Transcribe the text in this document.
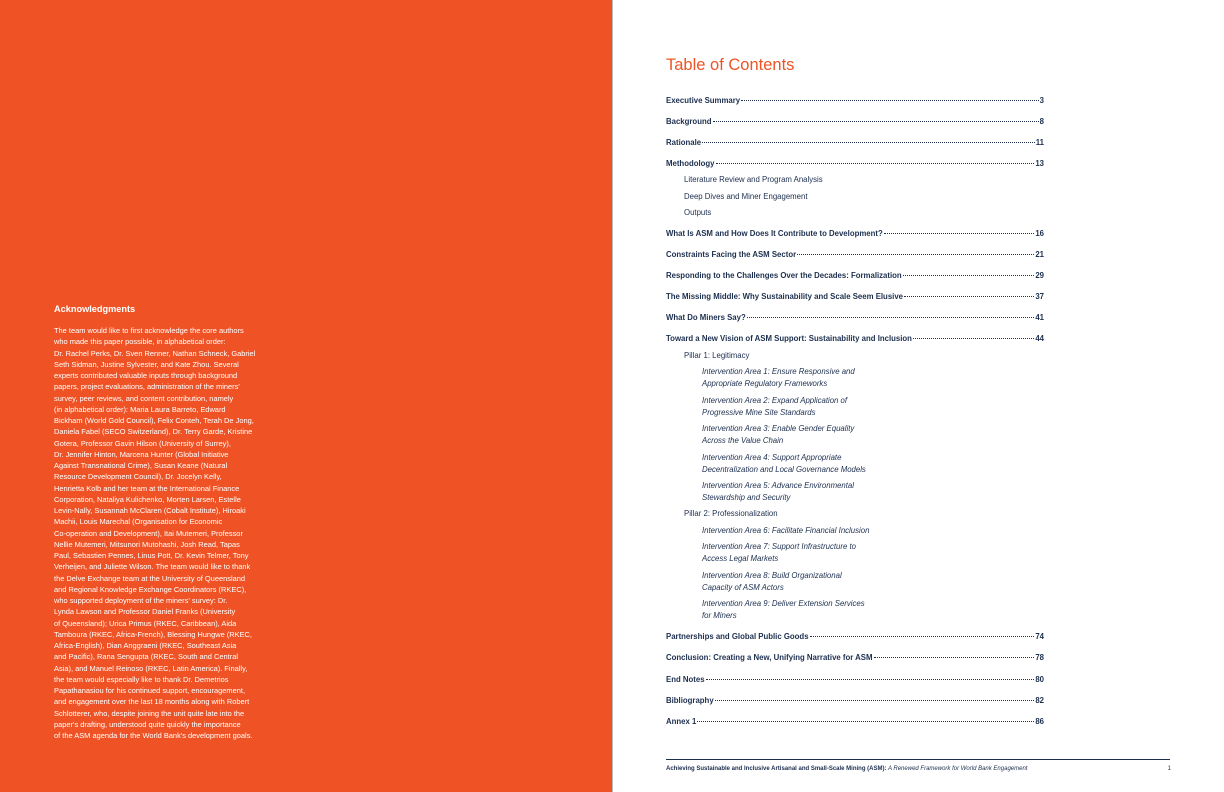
Acknowledgments
The team would like to first acknowledge the core authors
who made this paper possible, in alphabetical order:
Dr. Rachel Perks, Dr. Sven Renner, Nathan Schneck, Gabriel
Seth Sidman, Justine Sylvester, and Kate Zhou. Several
experts contributed valuable inputs through background
papers, project evaluations, administration of the miners'
survey, peer reviews, and content contribution, namely
(in alphabetical order): Maria Laura Barreto, Edward
Bickham (World Gold Council), Felix Conteh, Terah De Jong,
Daniela Fabel (SECO Switzerland), Dr. Terry Garde, Kristine
Gotera, Professor Gavin Hilson (University of Surrey),
Dr. Jennifer Hinton, Marcena Hunter (Global Initiative
Against Transnational Crime), Susan Keane (Natural
Resource Development Council), Dr. Jocelyn Kelly,
Henrietta Kolb and her team at the International Finance
Corporation, Nataliya Kulichenko, Morten Larsen, Estelle
Levin-Nally, Susannah McClaren (Cobalt Institute), Hiroaki
Machii, Louis Marechal (Organisation for Economic
Co-operation and Development), Itai Mutemeri, Professor
Nellie Mutemeri, Mitsunori Mutohashi, Josh Read, Tapas
Paul, Sebastien Pennes, Linus Pott, Dr. Kevin Telmer, Tony
Verheijen, and Juliette Wilson. The team would like to thank
the Delve Exchange team at the University of Queensland
and Regional Knowledge Exchange Coordinators (RKEC),
who supported deployment of the miners' survey: Dr.
Lynda Lawson and Professor Daniel Franks (University
of Queensland); Urica Primus (RKEC, Caribbean), Aida
Tamboura (RKEC, Africa-French), Blessing Hungwe (RKEC,
Africa-English), Dian Anggraeni (RKEC, Southeast Asia
and Pacific), Rana Sengupta (RKEC, South and Central
Asia), and Manuel Reinoso (RKEC, Latin America). Finally,
the team would especially like to thank Dr. Demetrios
Papathanasiou for his continued support, encouragement,
and engagement over the last 18 months along with Robert
Schlotterer, who, despite joining the unit quite late into the
paper's drafting, understood quite quickly the importance
of the ASM agenda for the World Bank's development goals.
Table of Contents
Executive Summary	3
Background	8
Rationale	11
Methodology	13
Literature Review and Program Analysis
Deep Dives and Miner Engagement
Outputs
What Is ASM and How Does It Contribute to Development?	16
Constraints Facing the ASM Sector	21
Responding to the Challenges Over the Decades: Formalization	29
The Missing Middle: Why Sustainability and Scale Seem Elusive	37
What Do Miners Say?	41
Toward a New Vision of ASM Support: Sustainability and Inclusion	44
Pillar 1: Legitimacy
Intervention Area 1: Ensure Responsive and
Appropriate Regulatory Frameworks
Intervention Area 2: Expand Application of
Progressive Mine Site Standards
Intervention Area 3: Enable Gender Equality
Across the Value Chain
Intervention Area 4: Support Appropriate
Decentralization and Local Governance Models
Intervention Area 5: Advance Environmental
Stewardship and Security
Pillar 2: Professionalization
Intervention Area 6: Facilitate Financial Inclusion
Intervention Area 7: Support Infrastructure to
Access Legal Markets
Intervention Area 8: Build Organizational
Capacity of ASM Actors
Intervention Area 9: Deliver Extension Services
for Miners
Partnerships and Global Public Goods	74
Conclusion: Creating a New, Unifying Narrative for ASM	78
End Notes	80
Bibliography	82
Annex 1	86
Achieving Sustainable and Inclusive Artisanal and Small-Scale Mining (ASM): A Renewed Framework for World Bank Engagement	1
